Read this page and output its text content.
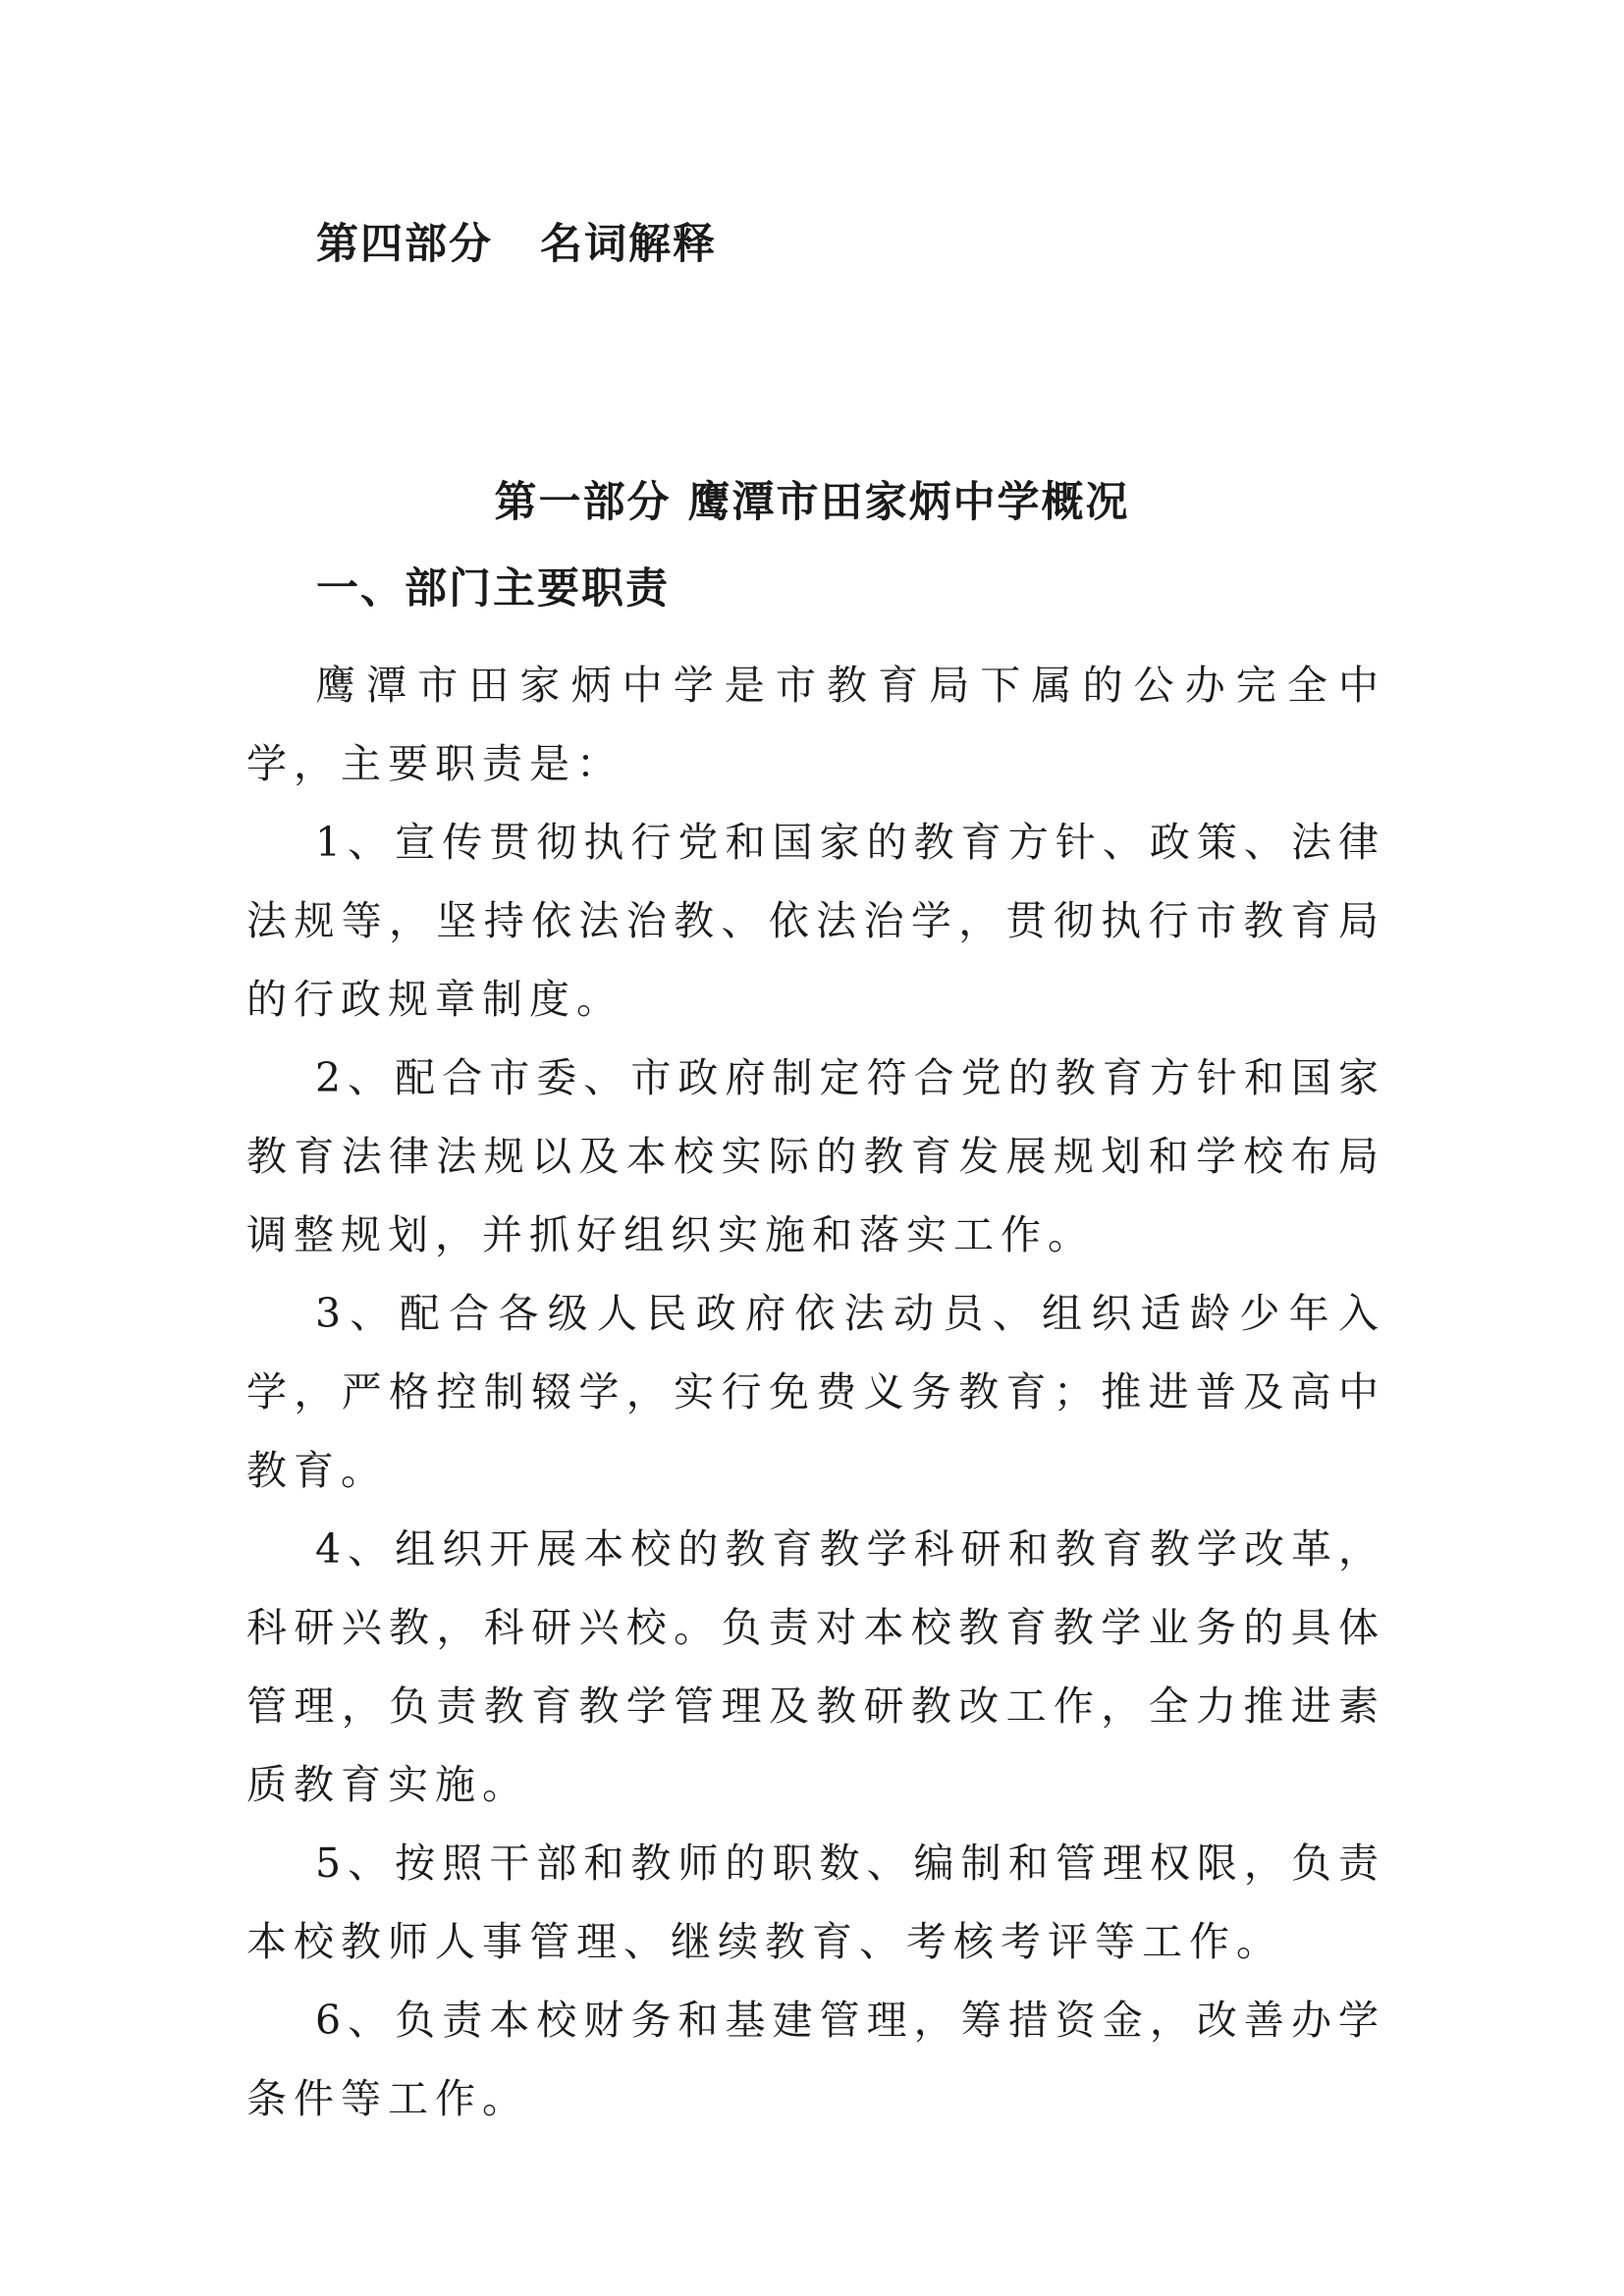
第四部分 名词解释
第一部分 鹰潭市田家炳中学概况
一、部门主要职责

鹰潭市田家炳中学是市教育局下属的公办完全中学，主要职责是：

1、宣传贯彻执行党和国家的教育方针、政策、法律法规等，坚持依法治教、依法治学，贯彻执行市教育局的行政规章制度。

2、配合市委、市政府制定符合党的教育方针和国家教育法律法规以及本校实际的教育发展规划和学校布局调整规划，并抓好组织实施和落实工作。

3、配合各级人民政府依法动员、组织适龄少年入学，严格控制辍学，实行免费义务教育；推进普及高中教育。

4、组织开展本校的教育教学科研和教育教学改革，科研兴教，科研兴校。负责对本校教育教学业务的具体管理，负责教育教学管理及教研教改工作，全力推进素质教育实施。

5、按照干部和教师的职数、编制和管理权限，负责本校教师人事管理、继续教育、考核考评等工作。

6、负责本校财务和基建管理，筹措资金，改善办学条件等工作。
